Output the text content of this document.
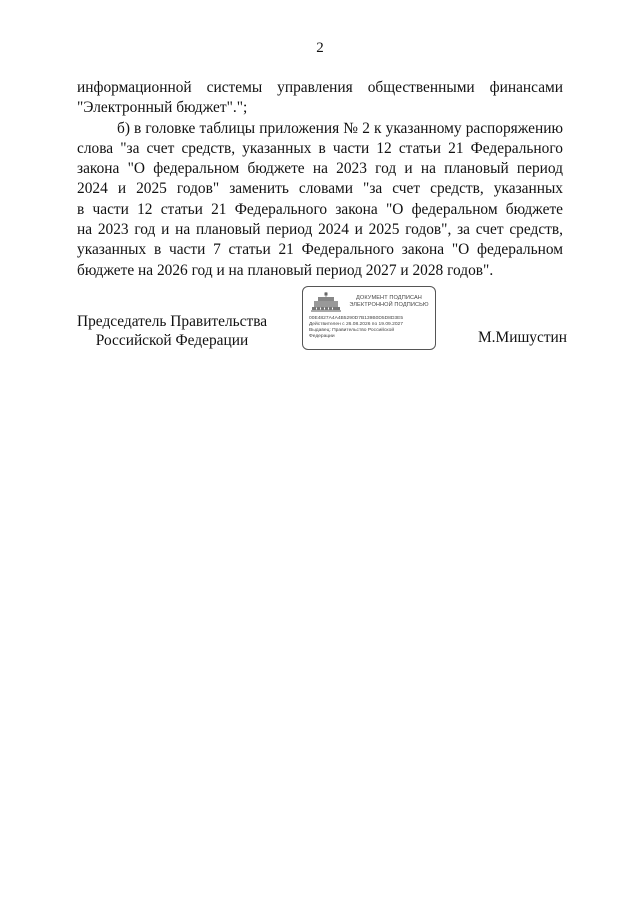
2
информационной системы управления общественными финансами
"Электронный бюджет".";
б) в головке таблицы приложения № 2 к указанному распоряжению
слова "за счет средств, указанных в части 12 статьи 21 Федерального
закона "О федеральном бюджете на 2023 год и на плановый период
2024 и 2025 годов" заменить словами "за счет средств, указанных
в части 12 статьи 21 Федерального закона "О федеральном бюджете
на 2023 год и на плановый период 2024 и 2025 годов", за счет средств,
указанных в части 7 статьи 21 Федерального закона "О федеральном
бюджете на 2026 год и на плановый период 2027 и 2028 годов".
Председатель Правительства
Российской Федерации
ДОКУМЕНТ ПОДПИСАН
ЭЛЕКТРОННОЙ ПОДПИСЬЮ
00E4827A4A4B5290D7B139B0D5D8D3E5
Действителен с 26.08.2026 по 19.09.2027
Выдавец: Правительство Российской
Федерации	М.Мишустин
